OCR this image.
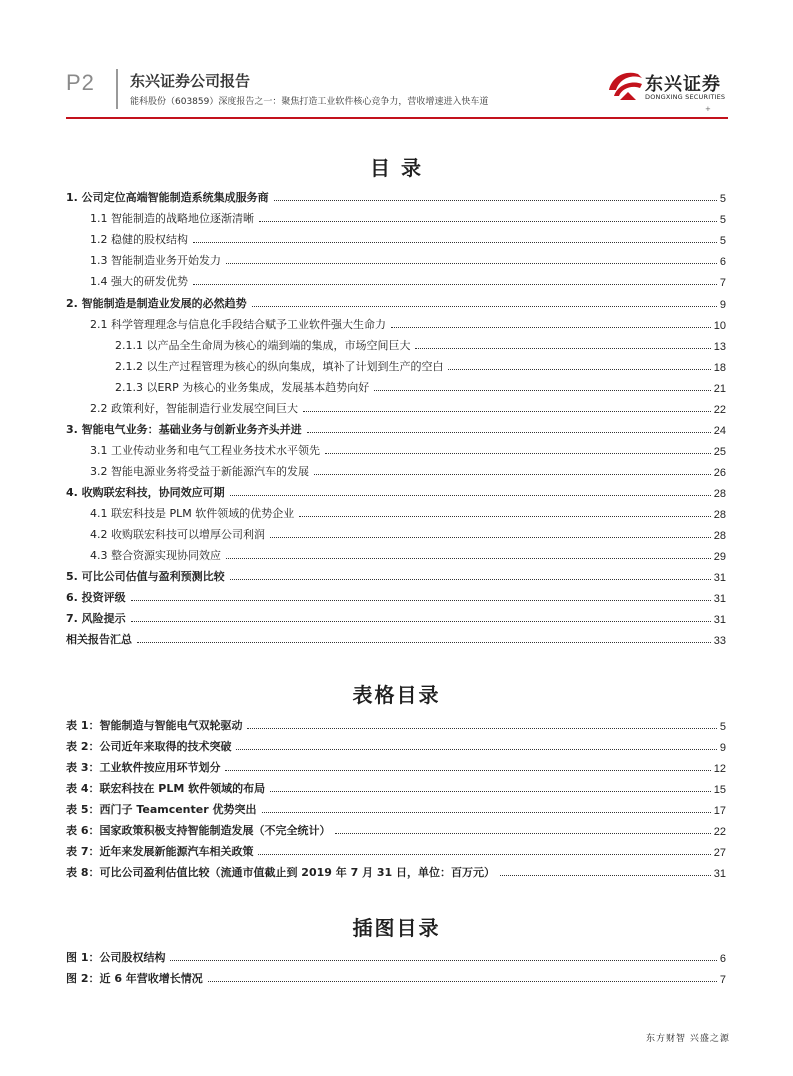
P2 东兴证券公司报告
能科股份（603859）深度报告之一：聚焦打造工业软件核心竞争力，营收增速进入快车道
东兴证券
DONGXING SECURITIES
+
目 录
1. 公司定位高端智能制造系统集成服务商	5
1.1 智能制造的战略地位逐渐清晰	5
1.2 稳健的股权结构	5
1.3 智能制造业务开始发力	6
1.4 强大的研发优势	7
2. 智能制造是制造业发展的必然趋势	9
2.1 科学管理理念与信息化手段结合赋予工业软件强大生命力	10
2.1.1 以产品全生命周为核心的端到端的集成，市场空间巨大	13
2.1.2 以生产过程管理为核心的纵向集成，填补了计划到生产的空白	18
2.1.3 以ERP 为核心的业务集成，发展基本趋势向好	21
2.2 政策利好，智能制造行业发展空间巨大	22
3. 智能电气业务：基础业务与创新业务齐头并进	24
3.1 工业传动业务和电气工程业务技术水平领先	25
3.2 智能电源业务将受益于新能源汽车的发展	26
4. 收购联宏科技，协同效应可期	28
4.1 联宏科技是 PLM 软件领域的优势企业	28
4.2 收购联宏科技可以增厚公司利润	28
4.3 整合资源实现协同效应	29
5. 可比公司估值与盈利预测比较	31
6. 投资评级	31
7. 风险提示	31
相关报告汇总	33
表格目录
表 1：智能制造与智能电气双轮驱动	5
表 2：公司近年来取得的技术突破	9
表 3：工业软件按应用环节划分	12
表 4：联宏科技在 PLM 软件领域的布局	15
表 5：西门子 Teamcenter 优势突出	17
表 6：国家政策积极支持智能制造发展（不完全统计）	22
表 7：近年来发展新能源汽车相关政策	27
表 8：可比公司盈利估值比较（流通市值截止到 2019 年 7 月 31 日，单位：百万元）	31
插图目录
图 1：公司股权结构	6
图 2：近 6 年营收增长情况	7
东方财智 兴盛之源
